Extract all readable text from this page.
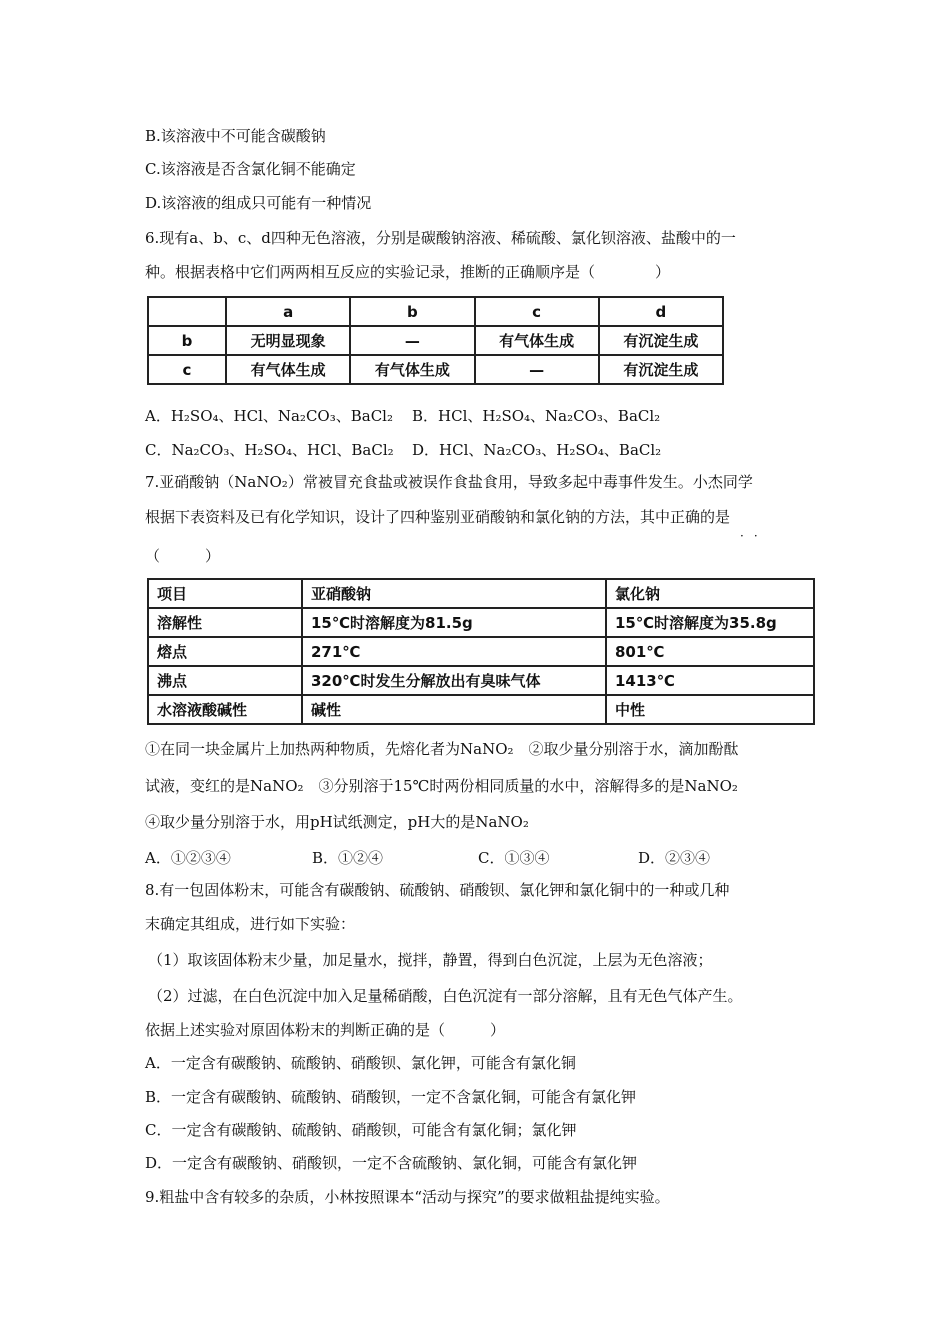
B.该溶液中不可能含碳酸钠
C.该溶液是否含氯化铜不能确定
D.该溶液的组成只可能有一种情况
6.现有a、b、c、d四种无色溶液，分别是碳酸钠溶液、稀硫酸、氯化钡溶液、盐酸中的一
种。根据表格中它们两两相互反应的实验记录，推断的正确顺序是（　　　　）
	a	b	c	d
b	无明显现象	—	有气体生成	有沉淀生成
c	有气体生成	有气体生成	—	有沉淀生成
A．H₂SO₄、HCl、Na₂CO₃、BaCl₂ B．HCl、H₂SO₄、Na₂CO₃、BaCl₂
C．Na₂CO₃、H₂SO₄、HCl、BaCl₂ D．HCl、Na₂CO₃、H₂SO₄、BaCl₂
7.亚硝酸钠（NaNO₂）常被冒充食盐或被误作食盐食用，导致多起中毒事件发生。小杰同学
根据下表资料及已有化学知识，设计了四种鉴别亚硝酸钠和氯化钠的方法，其中正确的是
··
（　　　）
项目	亚硝酸钠	氯化钠
溶解性	15℃时溶解度为81.5g	15℃时溶解度为35.8g
熔点	271℃	801℃
沸点	320℃时发生分解放出有臭味气体	1413℃
水溶液酸碱性	碱性	中性
①在同一块金属片上加热两种物质，先熔化者为NaNO₂　②取少量分别溶于水，滴加酚酞
试液，变红的是NaNO₂　③分别溶于15℃时两份相同质量的水中，溶解得多的是NaNO₂
④取少量分别溶于水，用pH试纸测定，pH大的是NaNO₂
A．①②③④	B．①②④	C．①③④	D．②③④
8.有一包固体粉末，可能含有碳酸钠、硫酸钠、硝酸钡、氯化钾和氯化铜中的一种或几种
末确定其组成，进行如下实验：
（1）取该固体粉末少量，加足量水，搅拌，静置，得到白色沉淀，上层为无色溶液；
（2）过滤，在白色沉淀中加入足量稀硝酸，白色沉淀有一部分溶解，且有无色气体产生。
依据上述实验对原固体粉末的判断正确的是（　　　）
A．一定含有碳酸钠、硫酸钠、硝酸钡、氯化钾，可能含有氯化铜
B．一定含有碳酸钠、硫酸钠、硝酸钡，一定不含氯化铜，可能含有氯化钾
C．一定含有碳酸钠、硫酸钠、硝酸钡，可能含有氯化铜；氯化钾
D．一定含有碳酸钠、硝酸钡，一定不含硫酸钠、氯化铜，可能含有氯化钾
9.粗盐中含有较多的杂质，小林按照课本“活动与探究”的要求做粗盐提纯实验。
